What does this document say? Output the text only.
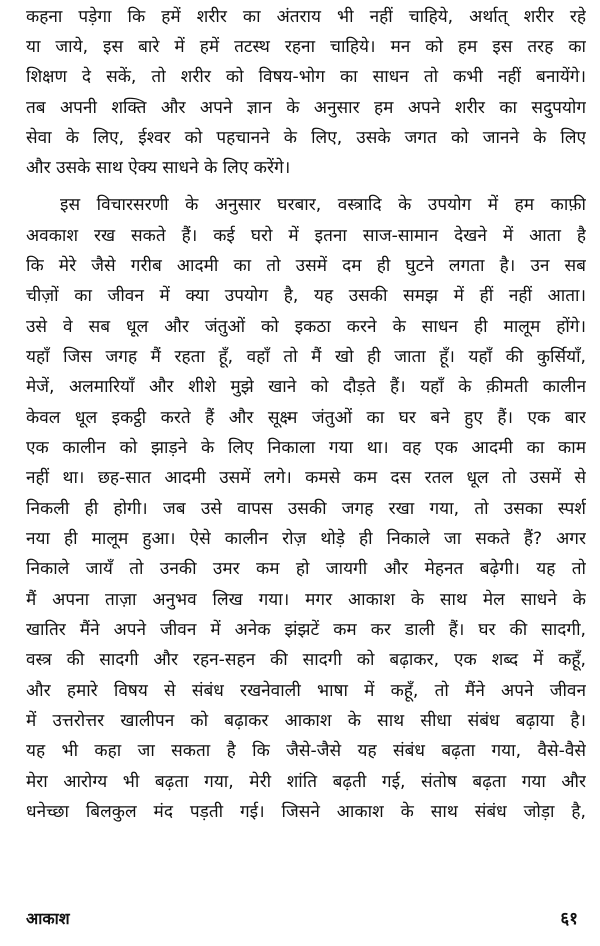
कहना पड़ेगा कि हमें शरीर का अंतराय भी नहीं चाहिये, अर्थात् शरीर रहे
या जाये, इस बारे में हमें तटस्थ रहना चाहिये। मन को हम इस तरह का
शिक्षण दे सकें, तो शरीर को विषय-भोग का साधन तो कभी नहीं बनायेंगे।
तब अपनी शक्ति और अपने ज्ञान के अनुसार हम अपने शरीर का सदुपयोग
सेवा के लिए, ईश्वर को पहचानने के लिए, उसके जगत को जानने के लिए
और उसके साथ ऐक्य साधने के लिए करेंगे।
इस विचारसरणी के अनुसार घरबार, वस्त्रादि के उपयोग में हम काफ़ी
अवकाश रख सकते हैं। कई घरो में इतना साज-सामान देखने में आता है
कि मेरे जैसे गरीब आदमी का तो उसमें दम ही घुटने लगता है। उन सब
चीज़ों का जीवन में क्या उपयोग है, यह उसकी समझ में हीं नहीं आता।
उसे वे सब धूल और जंतुओं को इकठा करने के साधन ही मालूम होंगे।
यहाँ जिस जगह मैं रहता हूँ, वहाँ तो मैं खो ही जाता हूँ। यहाँ की कुर्सियाँ,
मेजें, अलमारियाँ और शीशे मुझे खाने को दौड़ते हैं। यहाँ के क़ीमती कालीन
केवल धूल इकट्ठी करते हैं और सूक्ष्म जंतुओं का घर बने हुए हैं। एक बार
एक कालीन को झाड़ने के लिए निकाला गया था। वह एक आदमी का काम
नहीं था। छह-सात आदमी उसमें लगे। कमसे कम दस रतल धूल तो उसमें से
निकली ही होगी। जब उसे वापस उसकी जगह रखा गया, तो उसका स्पर्श
नया ही मालूम हुआ। ऐसे कालीन रोज़ थोड़े ही निकाले जा सकते हैं? अगर
निकाले जायँ तो उनकी उमर कम हो जायगी और मेहनत बढ़ेगी। यह तो
मैं अपना ताज़ा अनुभव लिख गया। मगर आकाश के साथ मेल साधने के
खातिर मैंने अपने जीवन में अनेक झंझटें कम कर डाली हैं। घर की सादगी,
वस्त्र की सादगी और रहन-सहन की सादगी को बढ़ाकर, एक शब्द में कहूँ,
और हमारे विषय से संबंध रखनेवाली भाषा में कहूँ, तो मैंने अपने जीवन
में उत्तरोत्तर खालीपन को बढ़ाकर आकाश के साथ सीधा संबंध बढ़ाया है।
यह भी कहा जा सकता है कि जैसे-जैसे यह संबंध बढ़ता गया, वैसे-वैसे
मेरा आरोग्य भी बढ़ता गया, मेरी शांति बढ़ती गई, संतोष बढ़ता गया और
धनेच्छा बिलकुल मंद पड़ती गई। जिसने आकाश के साथ संबंध जोड़ा है,
आकाश	६१
